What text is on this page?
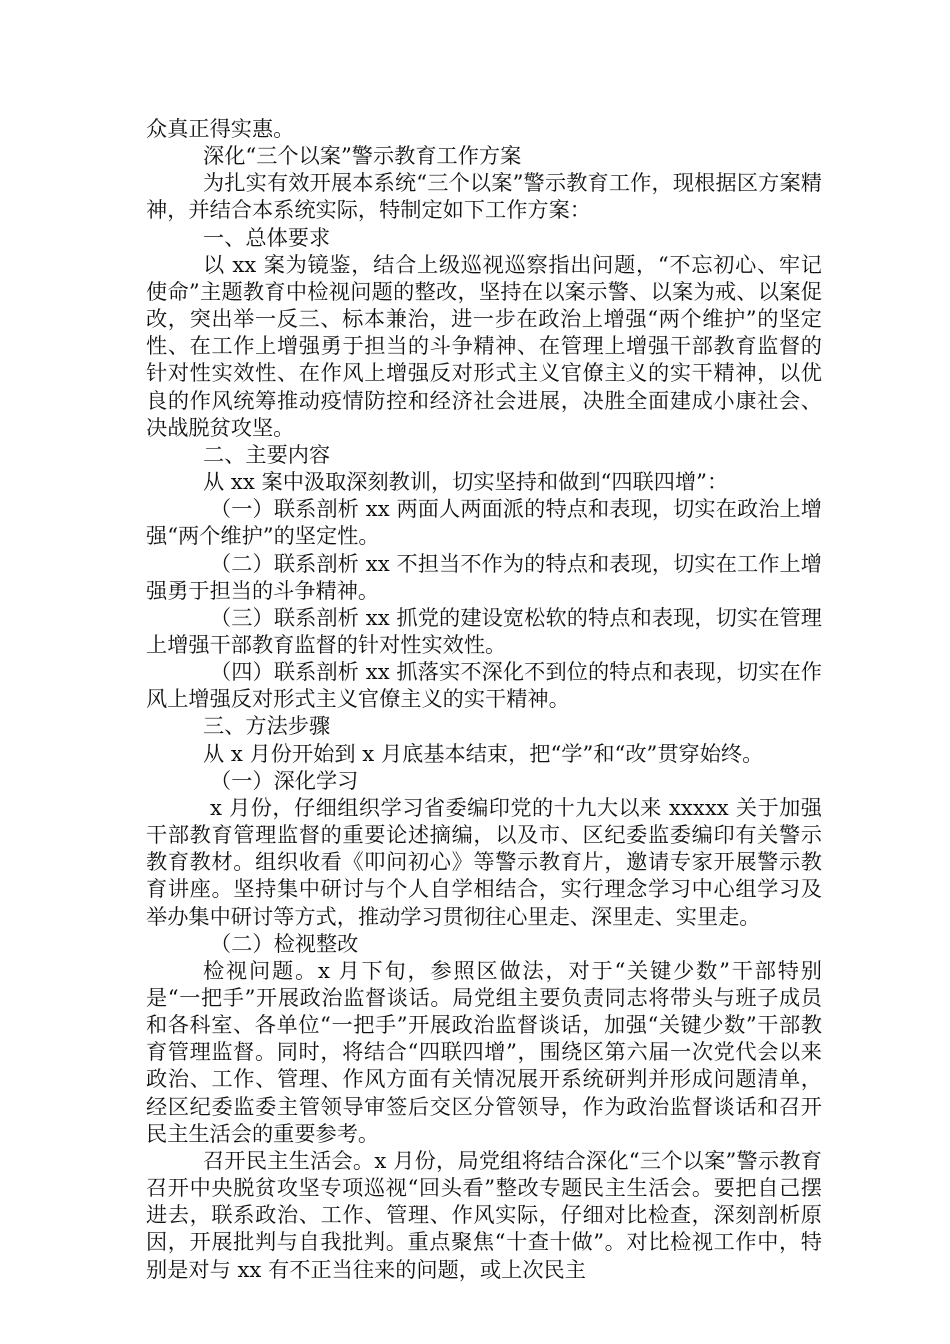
众真正得实惠。

深化“三个以案”警示教育工作方案

为扎实有效开展本系统“三个以案”警示教育工作，现根据区方案精神，并结合本系统实际，特制定如下工作方案：

一、总体要求

以 xx 案为镜鉴，结合上级巡视巡察指出问题，“不忘初心、牢记使命”主题教育中检视问题的整改，坚持在以案示警、以案为戒、以案促改，突出举一反三、标本兼治，进一步在政治上增强“两个维护”的坚定性、在工作上增强勇于担当的斗争精神、在管理上增强干部教育监督的针对性实效性、在作风上增强反对形式主义官僚主义的实干精神，以优良的作风统筹推动疫情防控和经济社会进展，决胜全面建成小康社会、决战脱贫攻坚。

二、主要内容

从 xx 案中汲取深刻教训，切实坚持和做到“四联四增”：

（一）联系剖析 xx 两面人两面派的特点和表现，切实在政治上增强“两个维护”的坚定性。

（二）联系剖析 xx 不担当不作为的特点和表现，切实在工作上增强勇于担当的斗争精神。

（三）联系剖析 xx 抓党的建设宽松软的特点和表现，切实在管理上增强干部教育监督的针对性实效性。

（四）联系剖析 xx 抓落实不深化不到位的特点和表现，切实在作风上增强反对形式主义官僚主义的实干精神。

三、方法步骤

从 x 月份开始到 x 月底基本结束，把“学”和“改”贯穿始终。

（一）深化学习

x 月份，仔细组织学习省委编印党的十九大以来 xxxxx 关于加强干部教育管理监督的重要论述摘编，以及市、区纪委监委编印有关警示教育教材。组织收看《叩问初心》等警示教育片，邀请专家开展警示教育讲座。坚持集中研讨与个人自学相结合，实行理念学习中心组学习及举办集中研讨等方式，推动学习贯彻往心里走、深里走、实里走。

（二）检视整改

检视问题。x 月下旬，参照区做法，对于“关键少数”干部特别是“一把手”开展政治监督谈话。局党组主要负责同志将带头与班子成员和各科室、各单位“一把手”开展政治监督谈话，加强“关键少数”干部教育管理监督。同时，将结合“四联四增”，围绕区第六届一次党代会以来政治、工作、管理、作风方面有关情况展开系统研判并形成问题清单，经区纪委监委主管领导审签后交区分管领导，作为政治监督谈话和召开民主生活会的重要参考。

召开民主生活会。x 月份，局党组将结合深化“三个以案”警示教育召开中央脱贫攻坚专项巡视“回头看”整改专题民主生活会。要把自己摆进去，联系政治、工作、管理、作风实际，仔细对比检查，深刻剖析原因，开展批判与自我批判。重点聚焦“十查十做”。对比检视工作中，特别是对与 xx 有不正当往来的问题，或上次民主
